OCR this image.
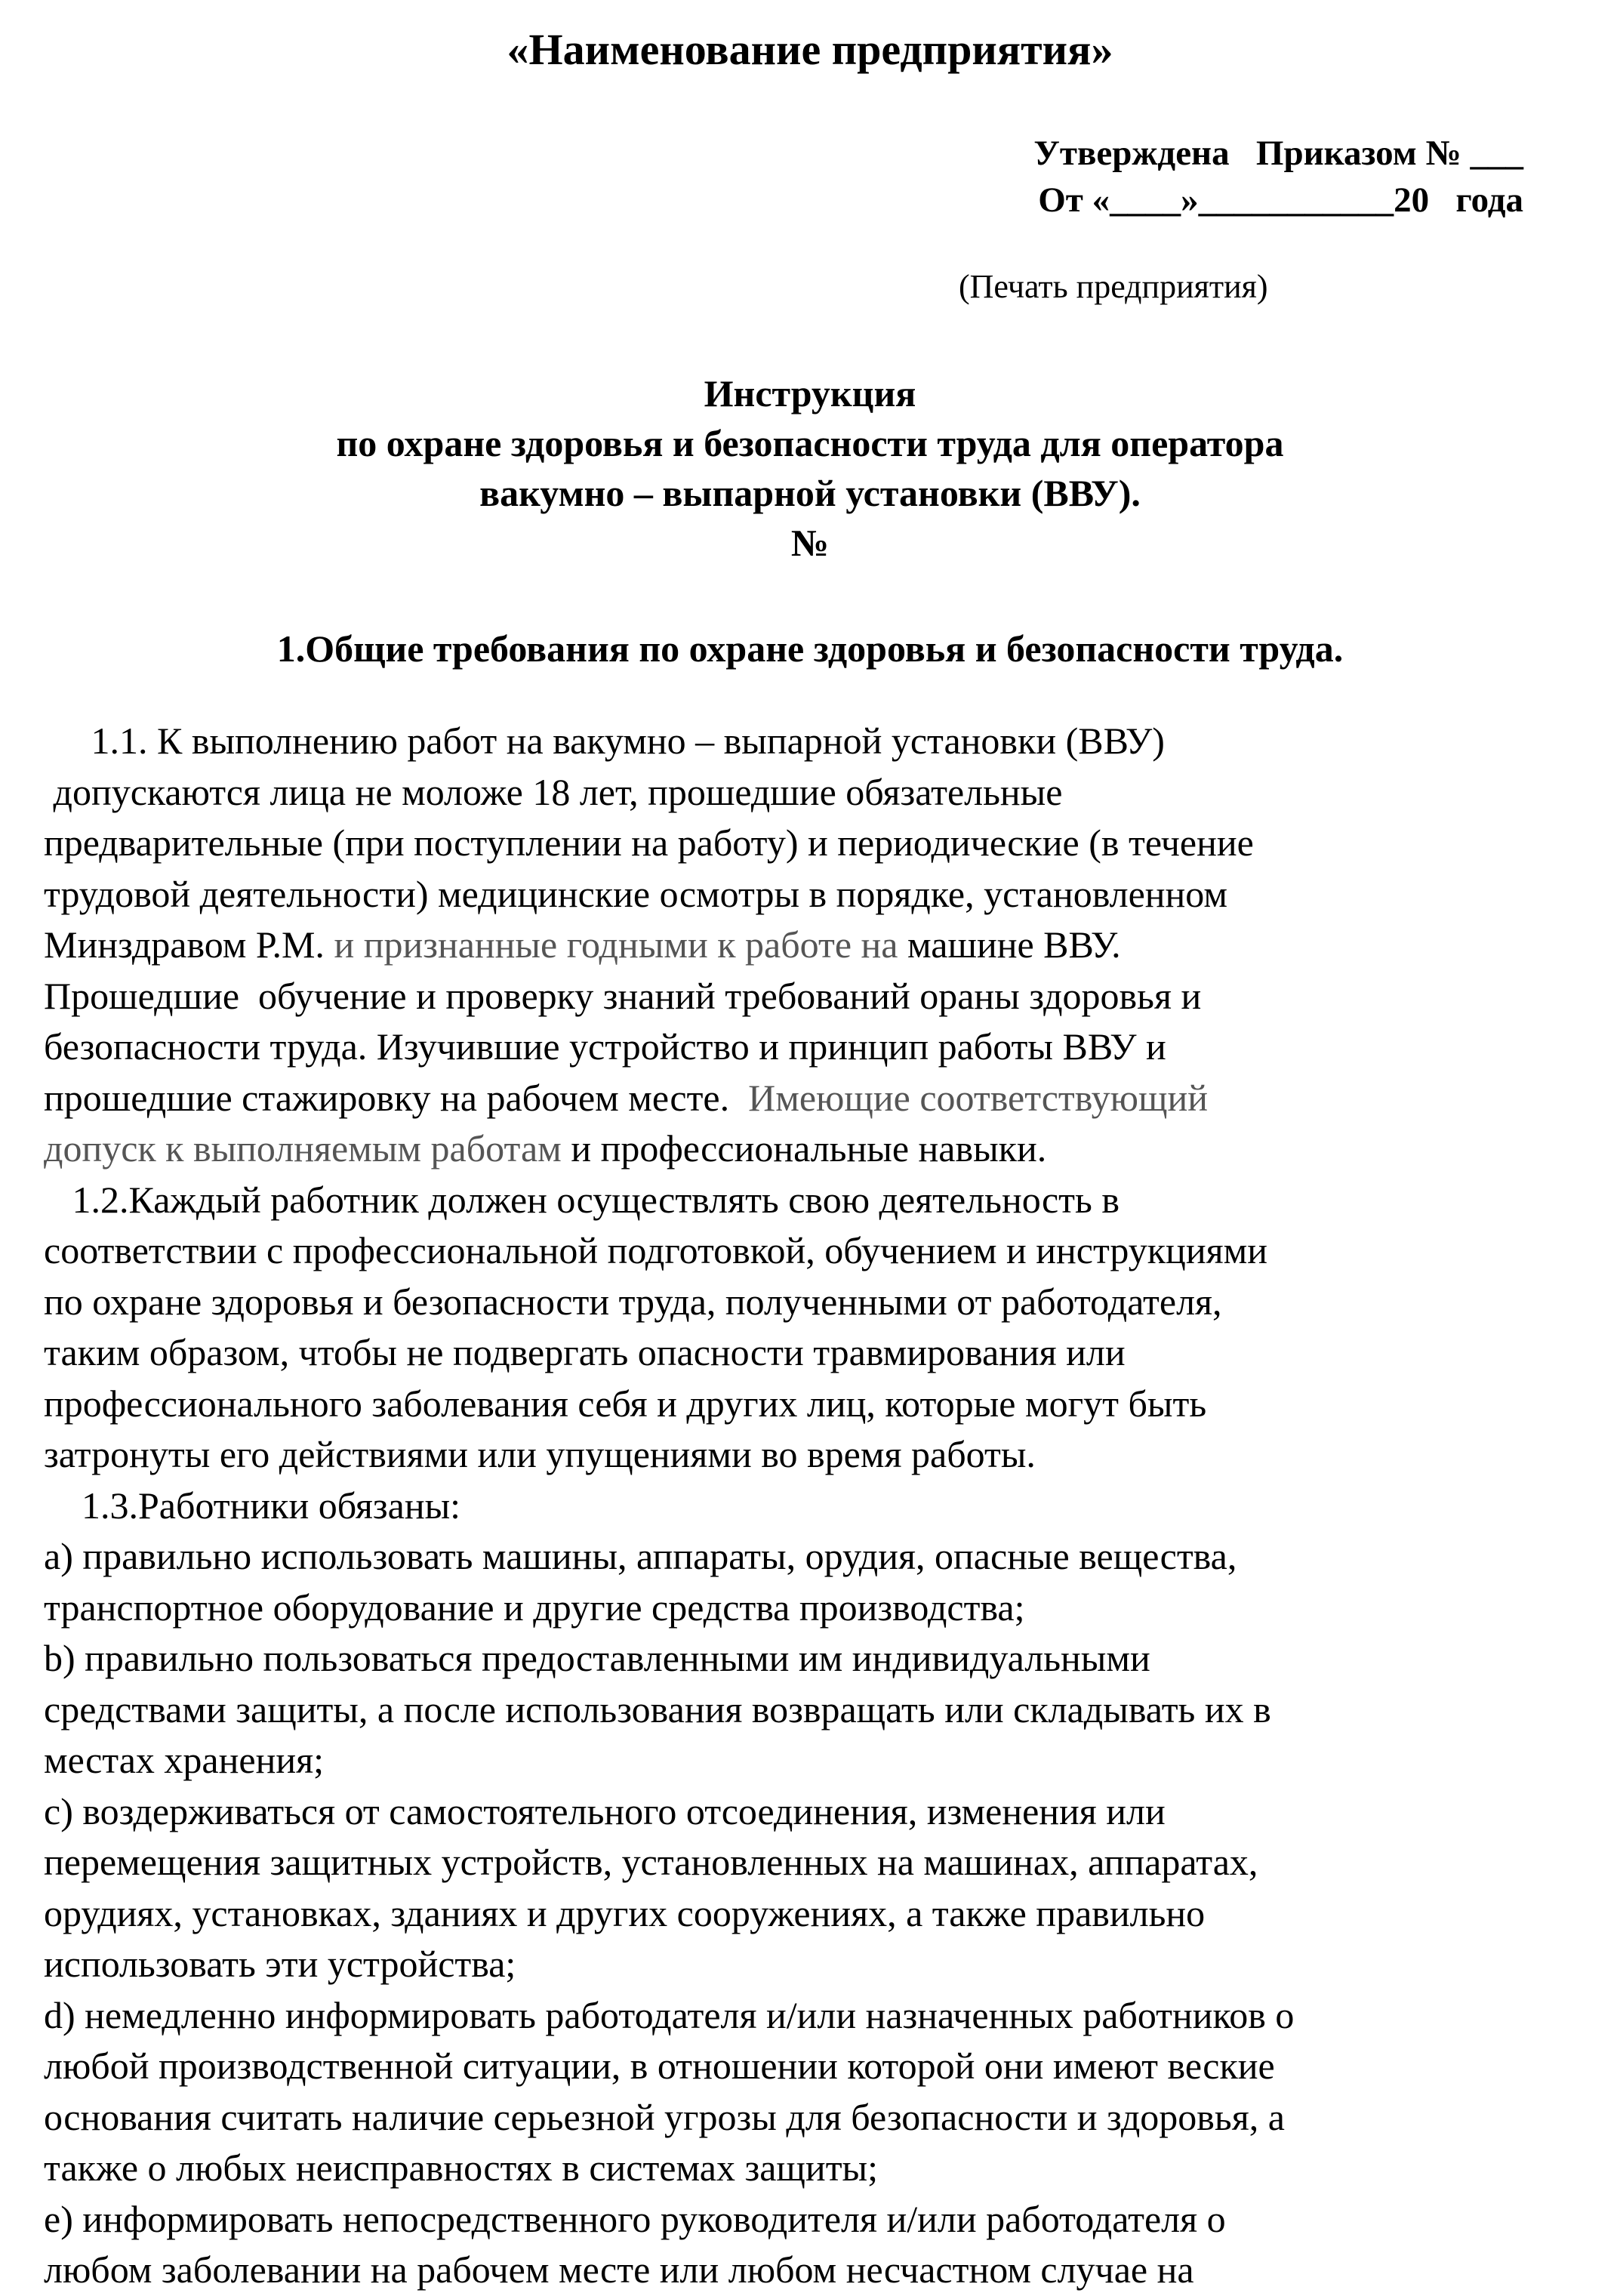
«Наименование предприятия»
Утверждена   Приказом № ___
От «____»___________20   года
(Печать предприятия)
Инструкция
по охране здоровья и безопасности труда для оператора
вакумно – выпарной установки (ВВУ).
№
1.Общие требования по охране здоровья и безопасности труда.
1.1. К выполнению работ на вакумно – выпарной установки (ВВУ)
допускаются лица не моложе 18 лет, прошедшие обязательные
предварительные (при поступлении на работу) и периодические (в течение
трудовой деятельности) медицинские осмотры в порядке, установленном
Минздравом Р.М. и признанные годными к работе на машине ВВУ.
Прошедшие  обучение и проверку знаний требований ораны здоровья и
безопасности труда. Изучившие устройство и принцип работы ВВУ и
прошедшие стажировку на рабочем месте.  Имеющие соответствующий
допуск к выполняемым работам и профессиональные навыки.
1.2.Каждый работник должен осуществлять свою деятельность в
соответствии с профессиональной подготовкой, обучением и инструкциями
по охране здоровья и безопасности труда, полученными от работодателя,
таким образом, чтобы не подвергать опасности травмирования или
профессионального заболевания себя и других лиц, которые могут быть
затронуты его действиями или упущениями во время работы.
1.3.Работники обязаны:
а) правильно использовать машины, аппараты, орудия, опасные вещества,
транспортное оборудование и другие средства производства;
b) правильно пользоваться предоставленными им индивидуальными
средствами защиты, а после использования возвращать или складывать их в
местах хранения;
c) воздерживаться от самостоятельного отсоединения, изменения или
перемещения защитных устройств, установленных на машинах, аппаратах,
орудиях, установках, зданиях и других сооружениях, а также правильно
использовать эти устройства;
d) немедленно информировать работодателя и/или назначенных работников о
любой производственной ситуации, в отношении которой они имеют веские
основания считать наличие серьезной угрозы для безопасности и здоровья, а
также о любых неисправностях в системах защиты;
e) информировать непосредственного руководителя и/или работодателя о
любом заболевании на рабочем месте или любом несчастном случае на
